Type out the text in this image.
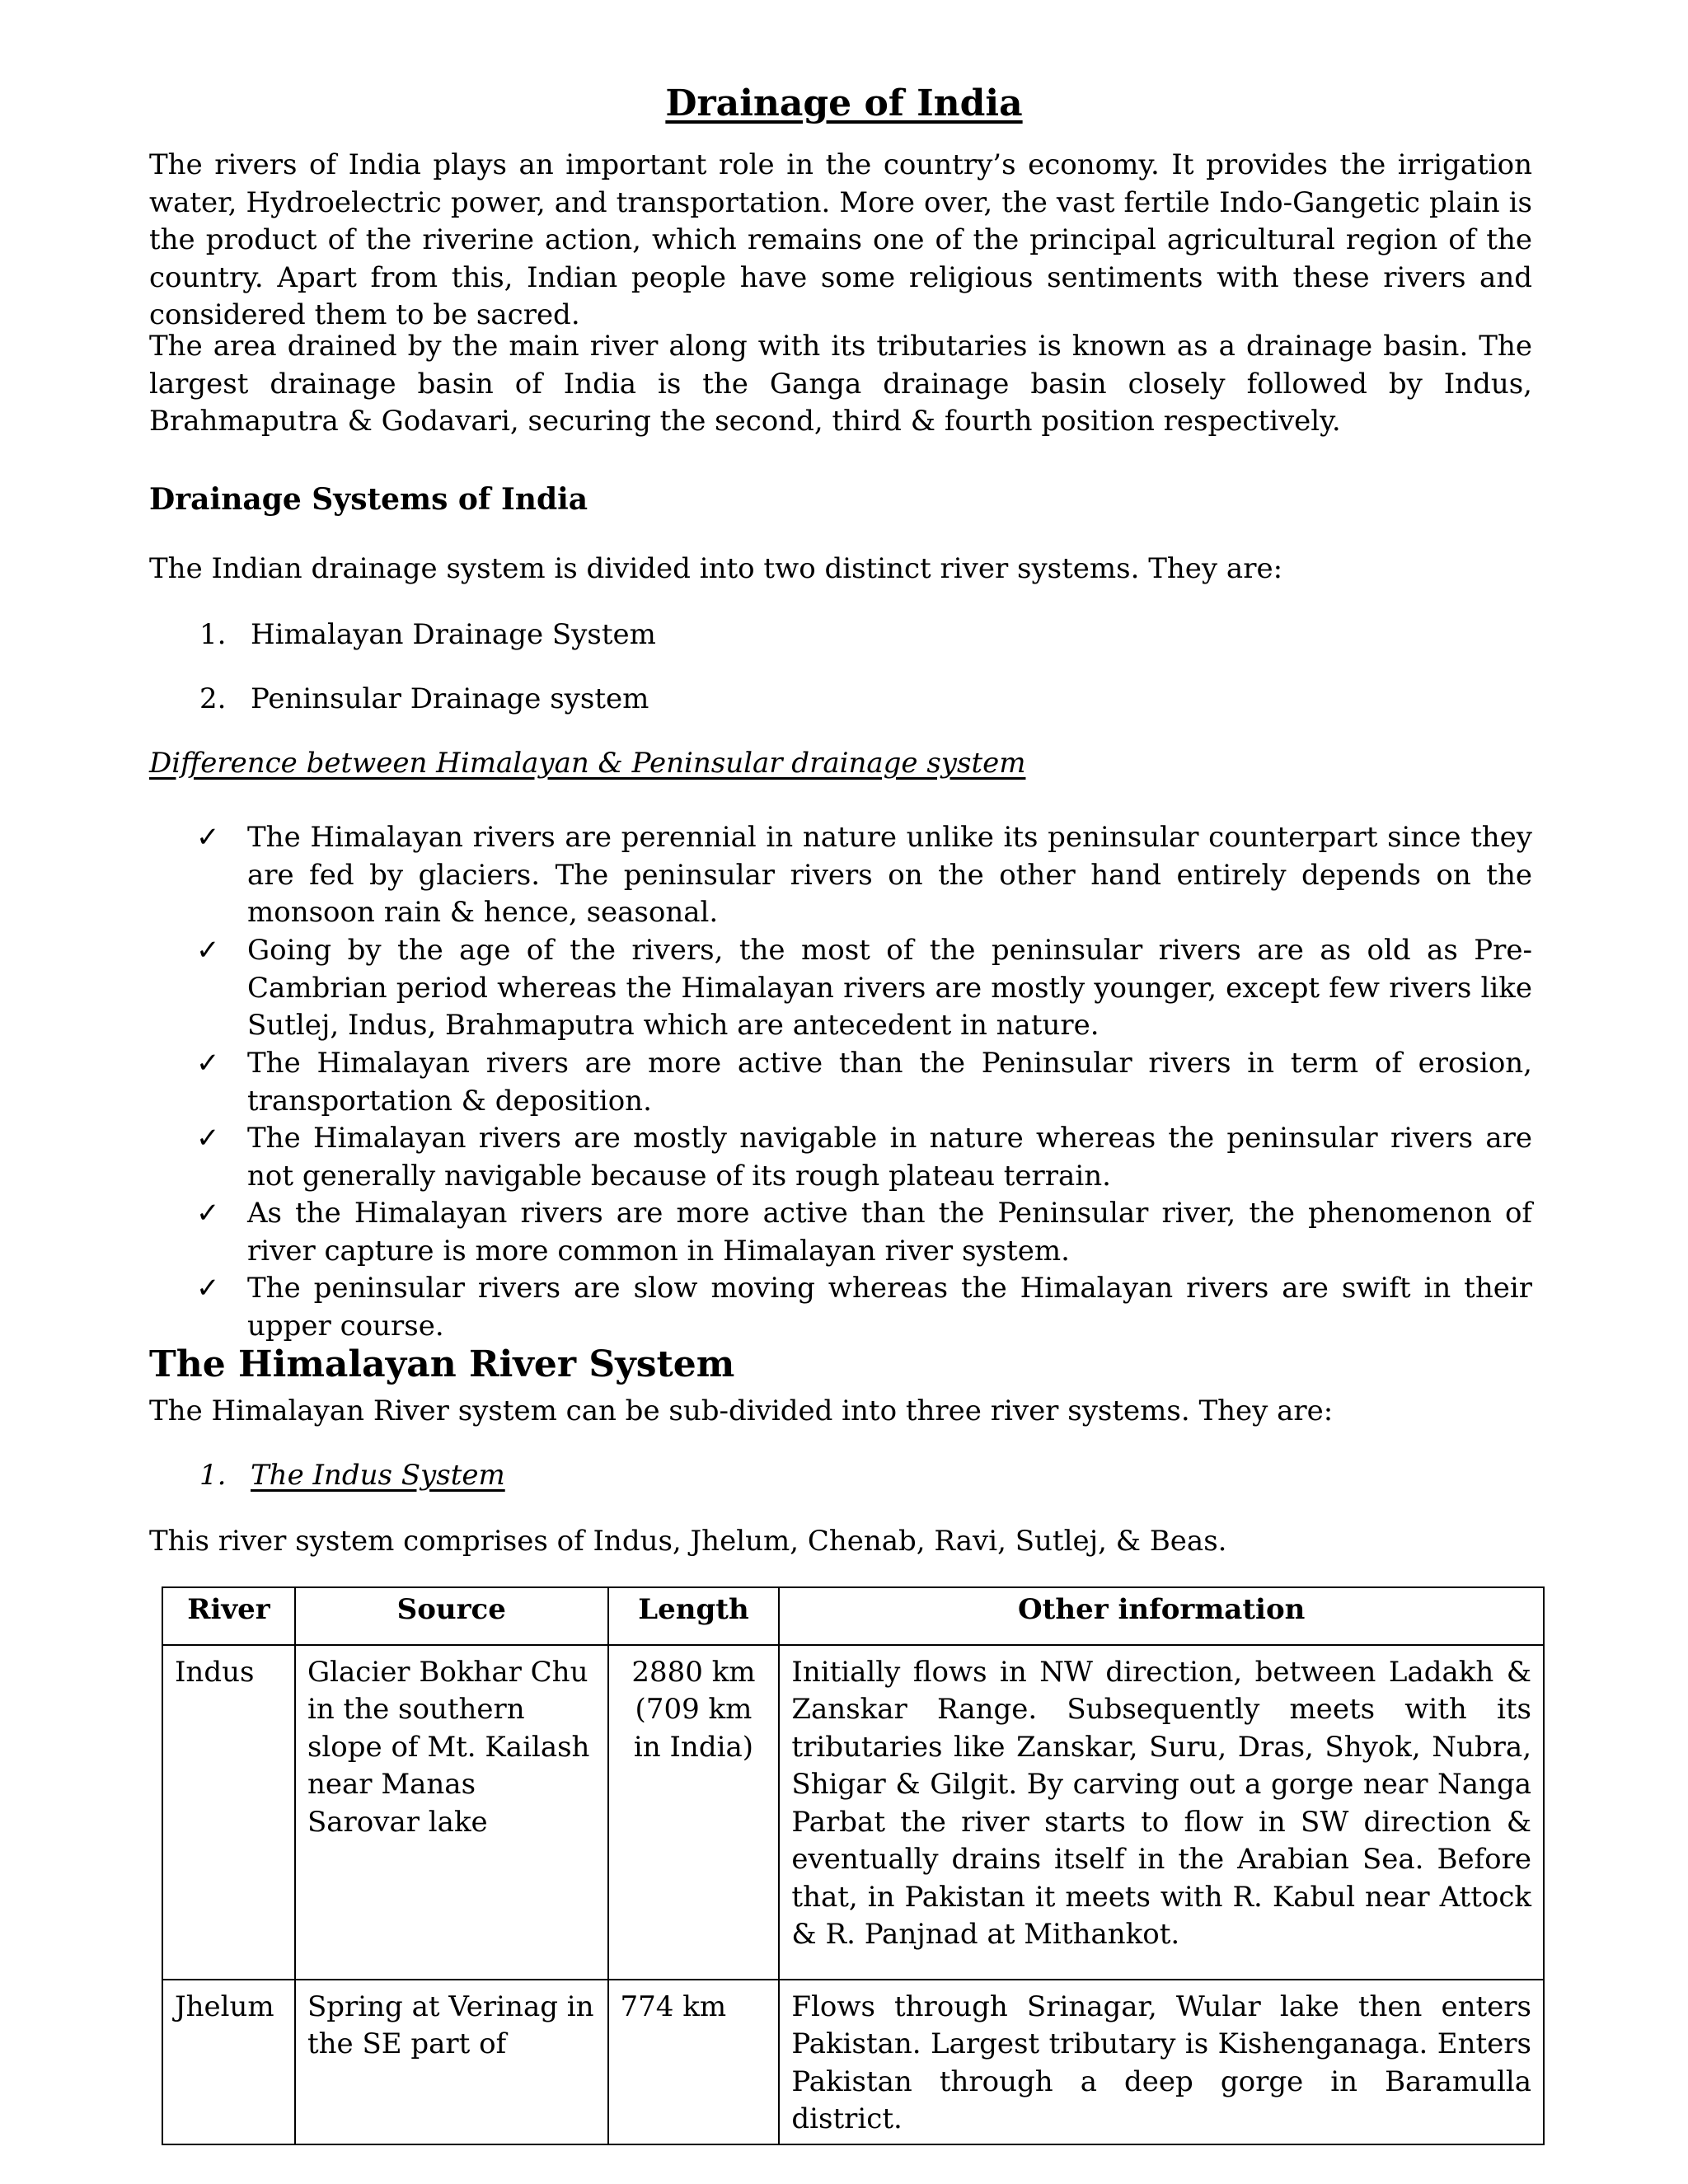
Drainage of India

The rivers of India plays an important role in the country’s economy. It provides the irrigation water, Hydroelectric power, and transportation. More over, the vast fertile Indo-Gangetic plain is the product of the riverine action, which remains one of the principal agricultural region of the country. Apart from this, Indian people have some religious sentiments with these rivers and considered them to be sacred.

The area drained by the main river along with its tributaries is known as a drainage basin. The largest drainage basin of India is the Ganga drainage basin closely followed by Indus, Brahmaputra & Godavari, securing the second, third & fourth position respectively.

Drainage Systems of India
The Indian drainage system is divided into two distinct river systems. They are:
1. Himalayan Drainage System
2. Peninsular Drainage system
Difference between Himalayan & Peninsular drainage system
✓ The Himalayan rivers are perennial in nature unlike its peninsular counterpart since they are fed by glaciers. The peninsular rivers on the other hand entirely depends on the monsoon rain & hence, seasonal.
✓ Going by the age of the rivers, the most of the peninsular rivers are as old as Pre-Cambrian period whereas the Himalayan rivers are mostly younger, except few rivers like Sutlej, Indus, Brahmaputra which are antecedent in nature.
✓ The Himalayan rivers are more active than the Peninsular rivers in term of erosion, transportation & deposition.
✓ The Himalayan rivers are mostly navigable in nature whereas the peninsular rivers are not generally navigable because of its rough plateau terrain.
✓ As the Himalayan rivers are more active than the Peninsular river, the phenomenon of river capture is more common in Himalayan river system.
✓ The peninsular rivers are slow moving whereas the Himalayan rivers are swift in their upper course.
The Himalayan River System
The Himalayan River system can be sub-divided into three river systems. They are:
1. The Indus System
This river system comprises of Indus, Jhelum, Chenab, Ravi, Sutlej, & Beas.
River	Source	Length	Other information
Indus	Glacier Bokhar Chu in the southern slope of Mt. Kailash near Manas Sarovar lake	2880 km (709 km in India)	Initially flows in NW direction, between Ladakh & Zanskar Range. Subsequently meets with its tributaries like Zanskar, Suru, Dras, Shyok, Nubra, Shigar & Gilgit. By carving out a gorge near Nanga Parbat the river starts to flow in SW direction & eventually drains itself in the Arabian Sea. Before that, in Pakistan it meets with R. Kabul near Attock & R. Panjnad at Mithankot.
Jhelum	Spring at Verinag in the SE part of	774 km	Flows through Srinagar, Wular lake then enters Pakistan. Largest tributary is Kishenganaga. Enters Pakistan through a deep gorge in Baramulla district.
